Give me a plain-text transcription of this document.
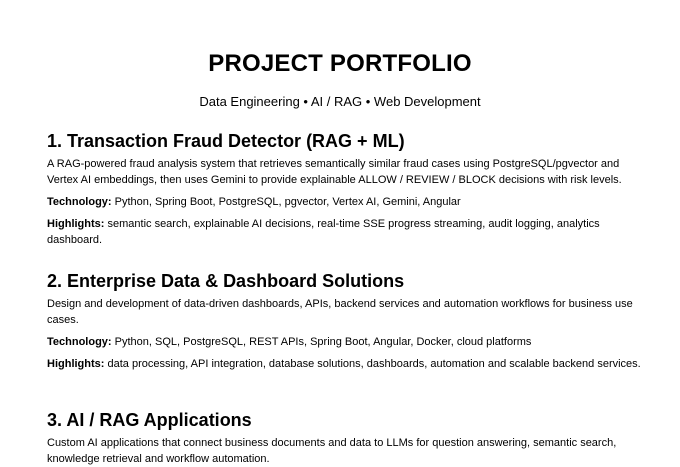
PROJECT PORTFOLIO

Data Engineering • AI / RAG • Web Development

1. Transaction Fraud Detector (RAG + ML)

A RAG-powered fraud analysis system that retrieves semantically similar fraud cases using PostgreSQL/pgvector and Vertex AI embeddings, then uses Gemini to provide explainable ALLOW / REVIEW / BLOCK decisions with risk levels.

Technology: Python, Spring Boot, PostgreSQL, pgvector, Vertex AI, Gemini, Angular

Highlights: semantic search, explainable AI decisions, real-time SSE progress streaming, audit logging, analytics dashboard.

2. Enterprise Data & Dashboard Solutions

Design and development of data-driven dashboards, APIs, backend services and automation workflows for business use cases.

Technology: Python, SQL, PostgreSQL, REST APIs, Spring Boot, Angular, Docker, cloud platforms

Highlights: data processing, API integration, database solutions, dashboards, automation and scalable backend services.

3. AI / RAG Applications

Custom AI applications that connect business documents and data to LLMs for question answering, semantic search, knowledge retrieval and workflow automation.
